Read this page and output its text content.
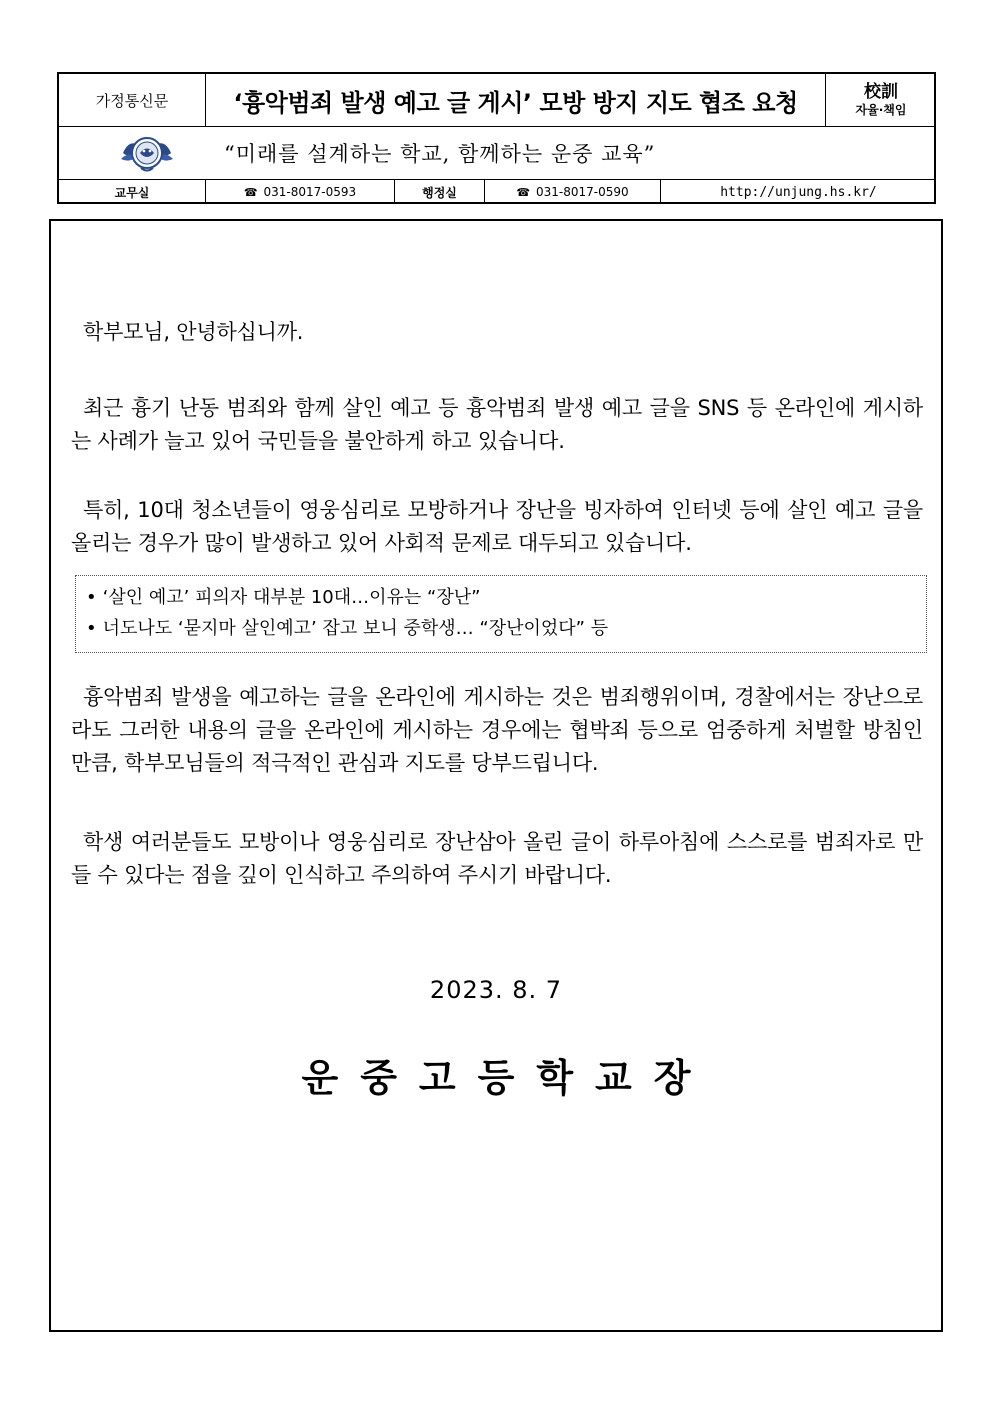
가정통신문	‘흉악범죄 발생 예고 글 게시’ 모방 방지 지도 협조 요청	校訓
자율·책임
“미래를 설계하는 학교, 함께하는 운중 교육”
교무실	☎ 031-8017-0593	행정실	☎ 031-8017-0590	http://unjung.hs.kr/
학부모님, 안녕하십니까.
최근 흉기 난동 범죄와 함께 살인 예고 등 흉악범죄 발생 예고 글을 SNS 등 온라인에 게시하는 사례가 늘고 있어 국민들을 불안하게 하고 있습니다.
특히, 10대 청소년들이 영웅심리로 모방하거나 장난을 빙자하여 인터넷 등에 살인 예고 글을 올리는 경우가 많이 발생하고 있어 사회적 문제로 대두되고 있습니다.
• ‘살인 예고’ 피의자 대부분 10대…이유는 “장난”
• 너도나도 ‘묻지마 살인예고’ 잡고 보니 중학생… “장난이었다” 등
흉악범죄 발생을 예고하는 글을 온라인에 게시하는 것은 범죄행위이며, 경찰에서는 장난으로라도 그러한 내용의 글을 온라인에 게시하는 경우에는 협박죄 등으로 엄중하게 처벌할 방침인 만큼, 학부모님들의 적극적인 관심과 지도를 당부드립니다.
학생 여러분들도 모방이나 영웅심리로 장난삼아 올린 글이 하루아침에 스스로를 범죄자로 만들 수 있다는 점을 깊이 인식하고 주의하여 주시기 바랍니다.
2023. 8. 7
운중고등학교장
